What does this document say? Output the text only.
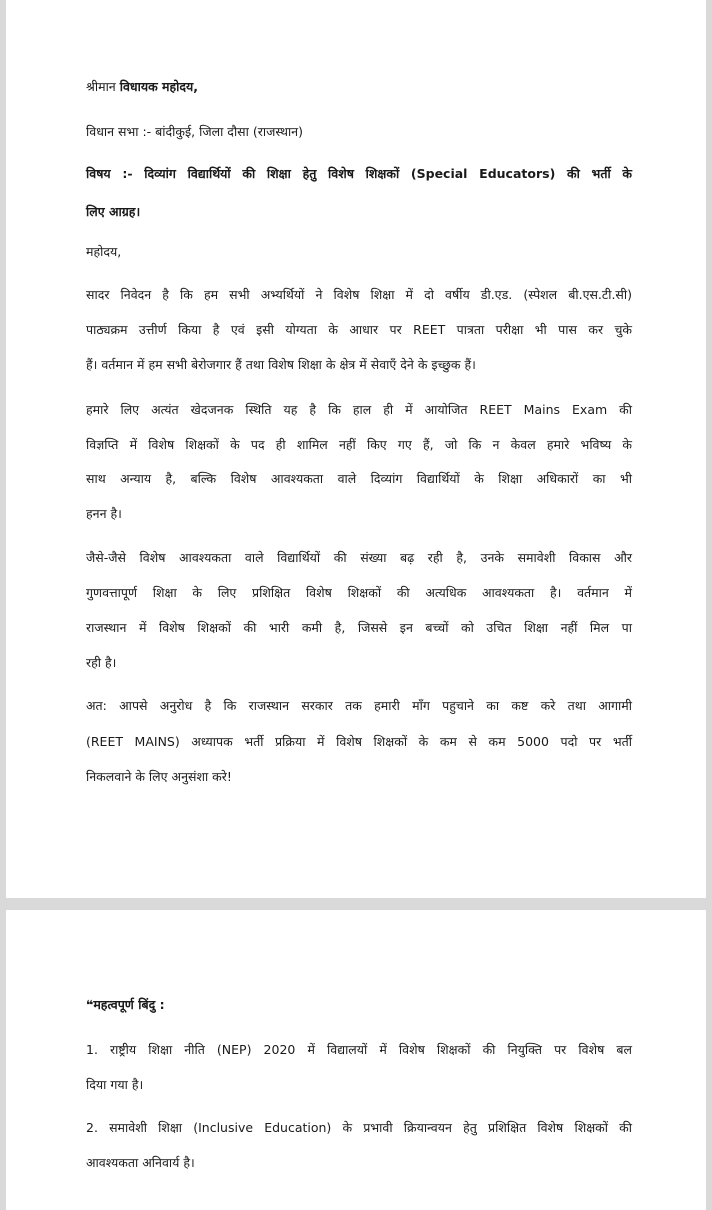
श्रीमान विधायक महोदय,

विधान सभा :- बांदीकुई, जिला दौसा (राजस्थान)

विषय :- दिव्यांग विद्यार्थियों की शिक्षा हेतु विशेष शिक्षकों (Special Educators) की भर्ती के

लिए आग्रह।

महोदय,

सादर निवेदन है कि हम सभी अभ्यर्थियों ने विशेष शिक्षा में दो वर्षीय डी.एड. (स्पेशल बी.एस.टी.सी)

पाठ्यक्रम उत्तीर्ण किया है एवं इसी योग्यता के आधार पर REET पात्रता परीक्षा भी पास कर चुके

हैं। वर्तमान में हम सभी बेरोजगार हैं तथा विशेष शिक्षा के क्षेत्र में सेवाएँ देने के इच्छुक हैं।

हमारे लिए अत्यंत खेदजनक स्थिति यह है कि हाल ही में आयोजित REET Mains Exam की

विज्ञप्ति में विशेष शिक्षकों के पद ही शामिल नहीं किए गए हैं, जो कि न केवल हमारे भविष्य के

साथ अन्याय है, बल्कि विशेष आवश्यकता वाले दिव्यांग विद्यार्थियों के शिक्षा अधिकारों का भी

हनन है।

जैसे-जैसे विशेष आवश्यकता वाले विद्यार्थियों की संख्या बढ़ रही है, उनके समावेशी विकास और

गुणवत्तापूर्ण शिक्षा के लिए प्रशिक्षित विशेष शिक्षकों की अत्यधिक आवश्यकता है। वर्तमान में

राजस्थान में विशेष शिक्षकों की भारी कमी है, जिससे इन बच्चों को उचित शिक्षा नहीं मिल पा

रही है।

अत: आपसे अनुरोध है कि राजस्थान सरकार तक हमारी माँग पहुचाने का कष्ट करे तथा आगामी

(REET MAINS) अध्यापक भर्ती प्रक्रिया में विशेष शिक्षकों के कम से कम 5000 पदो पर भर्ती

निकलवाने के लिए अनुसंशा करे!

❝महत्वपूर्ण बिंदु :

1. राष्ट्रीय शिक्षा नीति (NEP) 2020 में विद्यालयों में विशेष शिक्षकों की नियुक्ति पर विशेष बल

दिया गया है।

2. समावेशी शिक्षा (Inclusive Education) के प्रभावी क्रियान्वयन हेतु प्रशिक्षित विशेष शिक्षकों की

आवश्यकता अनिवार्य है।
